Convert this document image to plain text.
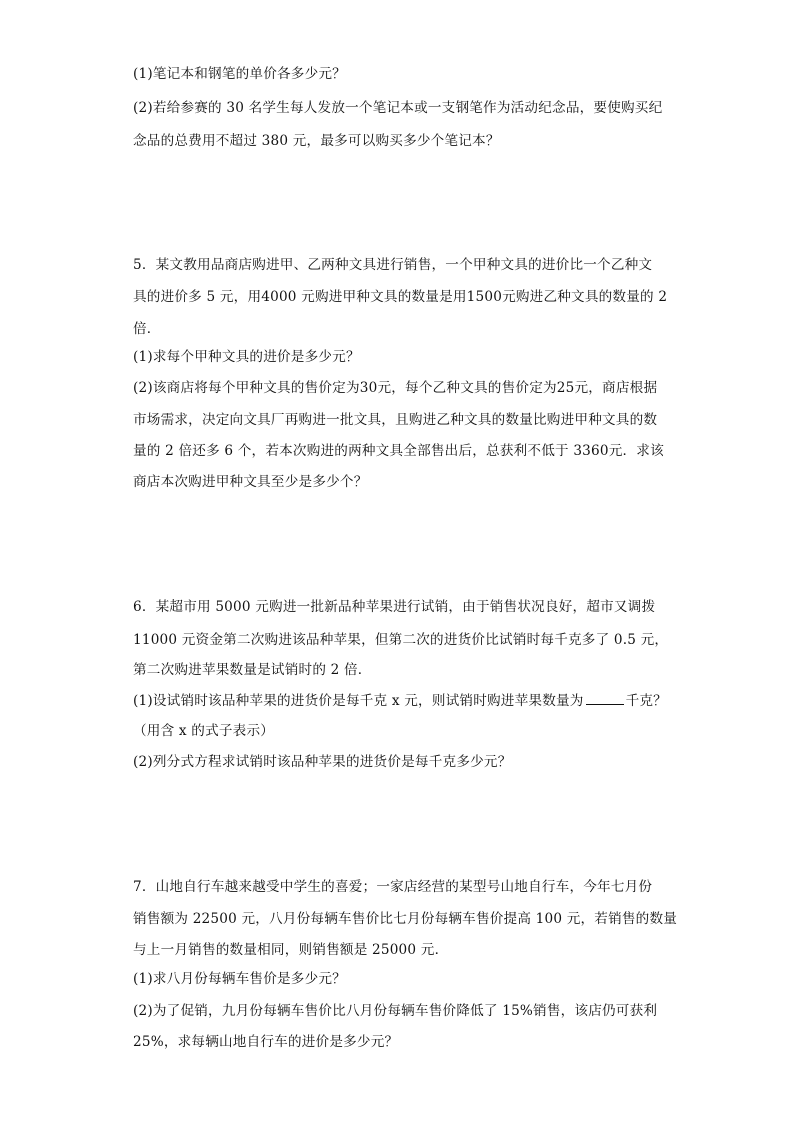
(1)笔记本和钢笔的单价各多少元？
(2)若给参赛的 30 名学生每人发放一个笔记本或一支钢笔作为活动纪念品，要使购买纪
念品的总费用不超过 380 元，最多可以购买多少个笔记本？
5．某文教用品商店购进甲、乙两种文具进行销售，一个甲种文具的进价比一个乙种文
具的进价多 5 元，用4000 元购进甲种文具的数量是用1500元购进乙种文具的数量的 2
倍．
(1)求每个甲种文具的进价是多少元？
(2)该商店将每个甲种文具的售价定为30元，每个乙种文具的售价定为25元，商店根据
市场需求，决定向文具厂再购进一批文具，且购进乙种文具的数量比购进甲种文具的数
量的 2 倍还多 6 个，若本次购进的两种文具全部售出后，总获利不低于 3360元．求该
商店本次购进甲种文具至少是多少个？
6．某超市用 5000 元购进一批新品种苹果进行试销，由于销售状况良好，超市又调拨
11000 元资金第二次购进该品种苹果，但第二次的进货价比试销时每千克多了 0.5 元，
第二次购进苹果数量是试销时的 2 倍．
(1)设试销时该品种苹果的进货价是每千克 x 元，则试销时购进苹果数量为	千克？
（用含 x 的式子表示）
(2)列分式方程求试销时该品种苹果的进货价是每千克多少元？
7．山地自行车越来越受中学生的喜爱；一家店经营的某型号山地自行车，今年七月份
销售额为 22500 元，八月份每辆车售价比七月份每辆车售价提高 100 元，若销售的数量
与上一月销售的数量相同，则销售额是 25000 元．
(1)求八月份每辆车售价是多少元？
(2)为了促销，九月份每辆车售价比八月份每辆车售价降低了 15%销售，该店仍可获利
25%，求每辆山地自行车的进价是多少元？
